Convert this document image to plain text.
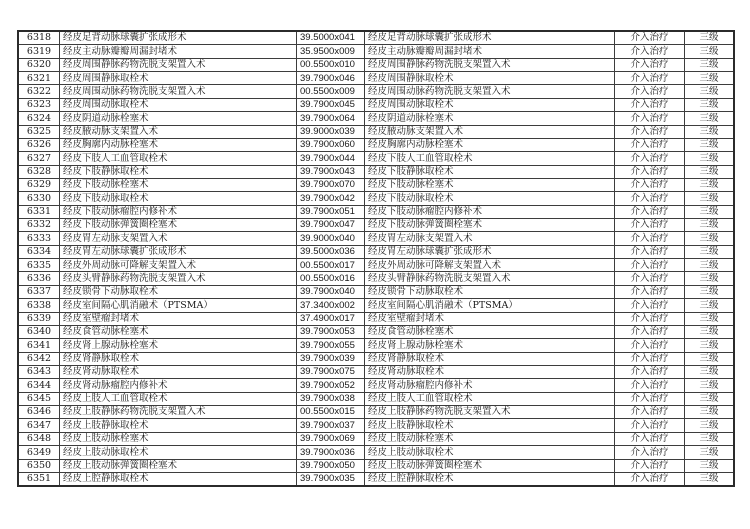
6318	经皮足背动脉球囊扩张成形术	39.5000x041	经皮足背动脉球囊扩张成形术	介入治疗	三级
6319	经皮主动脉瓣瓣周漏封堵术	35.9500x009	经皮主动脉瓣瓣周漏封堵术	介入治疗	三级
6320	经皮周围静脉药物洗脱支架置入术	00.5500x010	经皮周围静脉药物洗脱支架置入术	介入治疗	三级
6321	经皮周围静脉取栓术	39.7900x046	经皮周围静脉取栓术	介入治疗	三级
6322	经皮周围动脉药物洗脱支架置入术	00.5500x009	经皮周围动脉药物洗脱支架置入术	介入治疗	三级
6323	经皮周围动脉取栓术	39.7900x045	经皮周围动脉取栓术	介入治疗	三级
6324	经皮阴道动脉栓塞术	39.7900x064	经皮阴道动脉栓塞术	介入治疗	三级
6325	经皮腋动脉支架置入术	39.9000x039	经皮腋动脉支架置入术	介入治疗	三级
6326	经皮胸廓内动脉栓塞术	39.7900x060	经皮胸廓内动脉栓塞术	介入治疗	三级
6327	经皮下肢人工血管取栓术	39.7900x044	经皮下肢人工血管取栓术	介入治疗	三级
6328	经皮下肢静脉取栓术	39.7900x043	经皮下肢静脉取栓术	介入治疗	三级
6329	经皮下肢动脉栓塞术	39.7900x070	经皮下肢动脉栓塞术	介入治疗	三级
6330	经皮下肢动脉取栓术	39.7900x042	经皮下肢动脉取栓术	介入治疗	三级
6331	经皮下肢动脉瘤腔内修补术	39.7900x051	经皮下肢动脉瘤腔内修补术	介入治疗	三级
6332	经皮下肢动脉弹簧圈栓塞术	39.7900x047	经皮下肢动脉弹簧圈栓塞术	介入治疗	三级
6333	经皮胃左动脉支架置入术	39.9000x040	经皮胃左动脉支架置入术	介入治疗	三级
6334	经皮胃左动脉球囊扩张成形术	39.5000x036	经皮胃左动脉球囊扩张成形术	介入治疗	三级
6335	经皮外周动脉可降解支架置入术	00.5500x017	经皮外周动脉可降解支架置入术	介入治疗	三级
6336	经皮头臂静脉药物洗脱支架置入术	00.5500x016	经皮头臂静脉药物洗脱支架置入术	介入治疗	三级
6337	经皮锁骨下动脉取栓术	39.7900x040	经皮锁骨下动脉取栓术	介入治疗	三级
6338	经皮室间隔心肌消融术（PTSMA）	37.3400x002	经皮室间隔心肌消融术（PTSMA）	介入治疗	三级
6339	经皮室壁瘤封堵术	37.4900x017	经皮室壁瘤封堵术	介入治疗	三级
6340	经皮食管动脉栓塞术	39.7900x053	经皮食管动脉栓塞术	介入治疗	三级
6341	经皮肾上腺动脉栓塞术	39.7900x055	经皮肾上腺动脉栓塞术	介入治疗	三级
6342	经皮肾静脉取栓术	39.7900x039	经皮肾静脉取栓术	介入治疗	三级
6343	经皮肾动脉取栓术	39.7900x075	经皮肾动脉取栓术	介入治疗	三级
6344	经皮肾动脉瘤腔内修补术	39.7900x052	经皮肾动脉瘤腔内修补术	介入治疗	三级
6345	经皮上肢人工血管取栓术	39.7900x038	经皮上肢人工血管取栓术	介入治疗	三级
6346	经皮上肢静脉药物洗脱支架置入术	00.5500x015	经皮上肢静脉药物洗脱支架置入术	介入治疗	三级
6347	经皮上肢静脉取栓术	39.7900x037	经皮上肢静脉取栓术	介入治疗	三级
6348	经皮上肢动脉栓塞术	39.7900x069	经皮上肢动脉栓塞术	介入治疗	三级
6349	经皮上肢动脉取栓术	39.7900x036	经皮上肢动脉取栓术	介入治疗	三级
6350	经皮上肢动脉弹簧圈栓塞术	39.7900x050	经皮上肢动脉弹簧圈栓塞术	介入治疗	三级
6351	经皮上腔静脉取栓术	39.7900x035	经皮上腔静脉取栓术	介入治疗	三级
